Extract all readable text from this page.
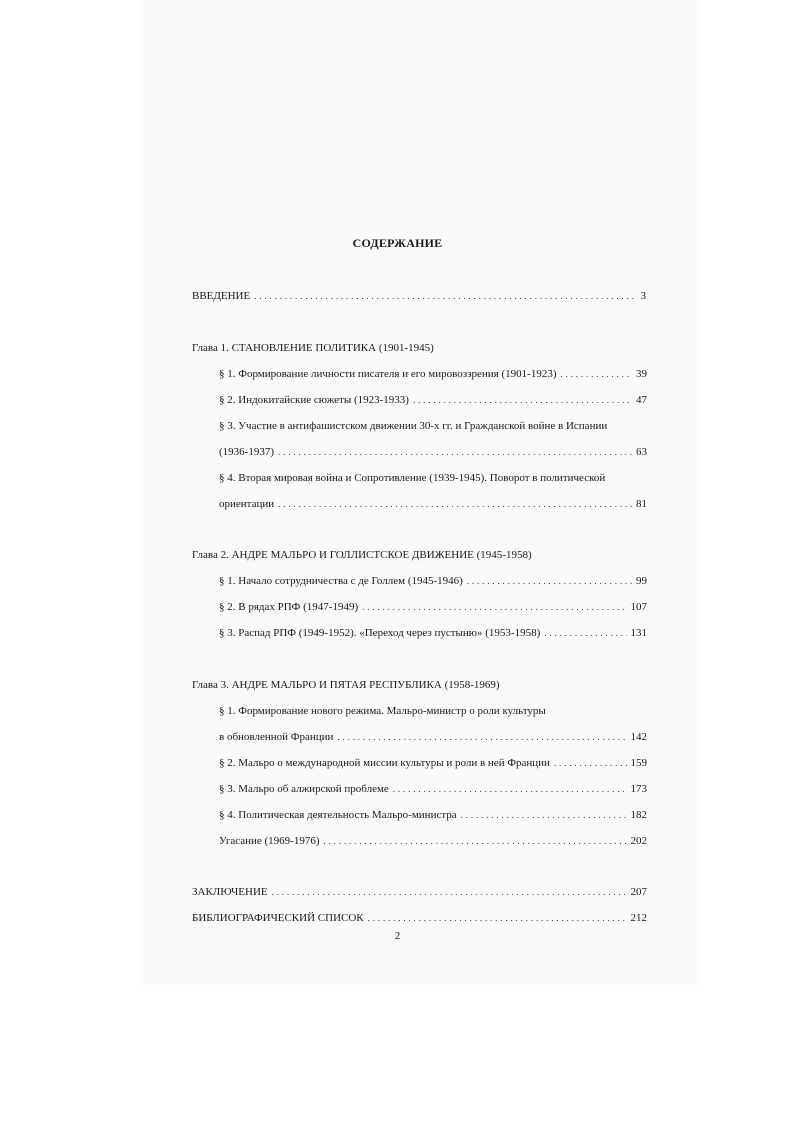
СОДЕРЖАНИЕ
ВВЕДЕНИЕ . . .	3
Глава 1. СТАНОВЛЕНИЕ ПОЛИТИКА (1901-1945)
§ 1. Формирование личности писателя и его мировоззрения (1901-1923) . . .	39
§ 2. Индокитайские сюжеты (1923-1933) . . .	47
§ 3. Участие в антифашистском движении 30-х гг. и Гражданской войне в Испании
(1936-1937) . . .	63
§ 4. Вторая мировая война и Сопротивление (1939-1945). Поворот в политической
ориентации . . .	81
Глава 2. АНДРЕ МАЛЬРО И ГОЛЛИСТСКОЕ ДВИЖЕНИЕ (1945-1958)
§ 1. Начало сотрудничества с де Голлем (1945-1946) . . .	99
§ 2. В рядах РПФ (1947-1949) . . .	107
§ 3. Распад РПФ (1949-1952). «Переход через пустыню» (1953-1958) . . .	131
Глава 3. АНДРЕ МАЛЬРО И ПЯТАЯ РЕСПУБЛИКА (1958-1969)
§ 1. Формирование нового режима. Мальро-министр о роли культуры
в обновленной Франции . . .	142
§ 2. Мальро о международной миссии культуры и роли в ней Франции . . .	159
§ 3. Мальро об алжирской проблеме . . .	173
§ 4. Политическая деятельность Мальро-министра . . .	182
Угасание (1969-1976) . . .	202
ЗАКЛЮЧЕНИЕ . . .	207
БИБЛИОГРАФИЧЕСКИЙ СПИСОК . . .	212
2
